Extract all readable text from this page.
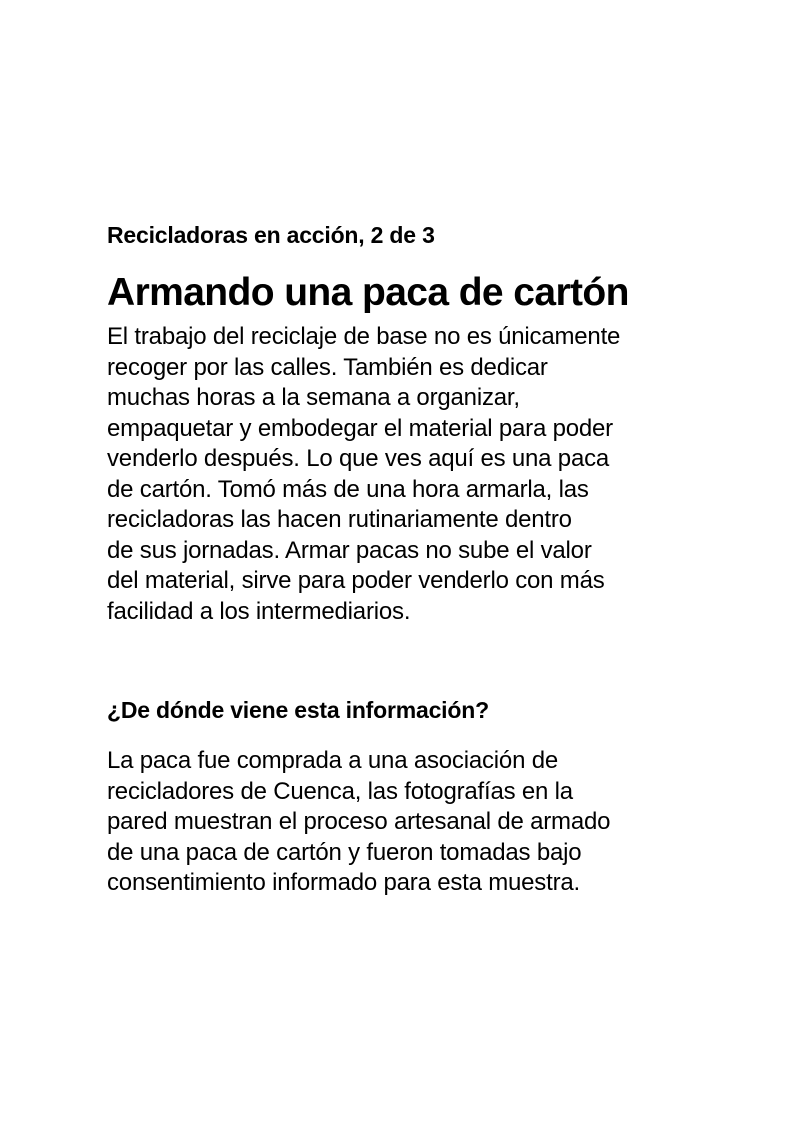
Recicladoras en acción, 2 de 3
Armando una paca de cartón
El trabajo del reciclaje de base no es únicamente
recoger por las calles. También es dedicar
muchas horas a la semana a organizar,
empaquetar y embodegar el material para poder
venderlo después. Lo que ves aquí es una paca
de cartón. Tomó más de una hora armarla, las
recicladoras las hacen rutinariamente dentro
de sus jornadas. Armar pacas no sube el valor
del material, sirve para poder venderlo con más
facilidad a los intermediarios.
¿De dónde viene esta información?
La paca fue comprada a una asociación de
recicladores de Cuenca, las fotografías en la
pared muestran el proceso artesanal de armado
de una paca de cartón y fueron tomadas bajo
consentimiento informado para esta muestra.
